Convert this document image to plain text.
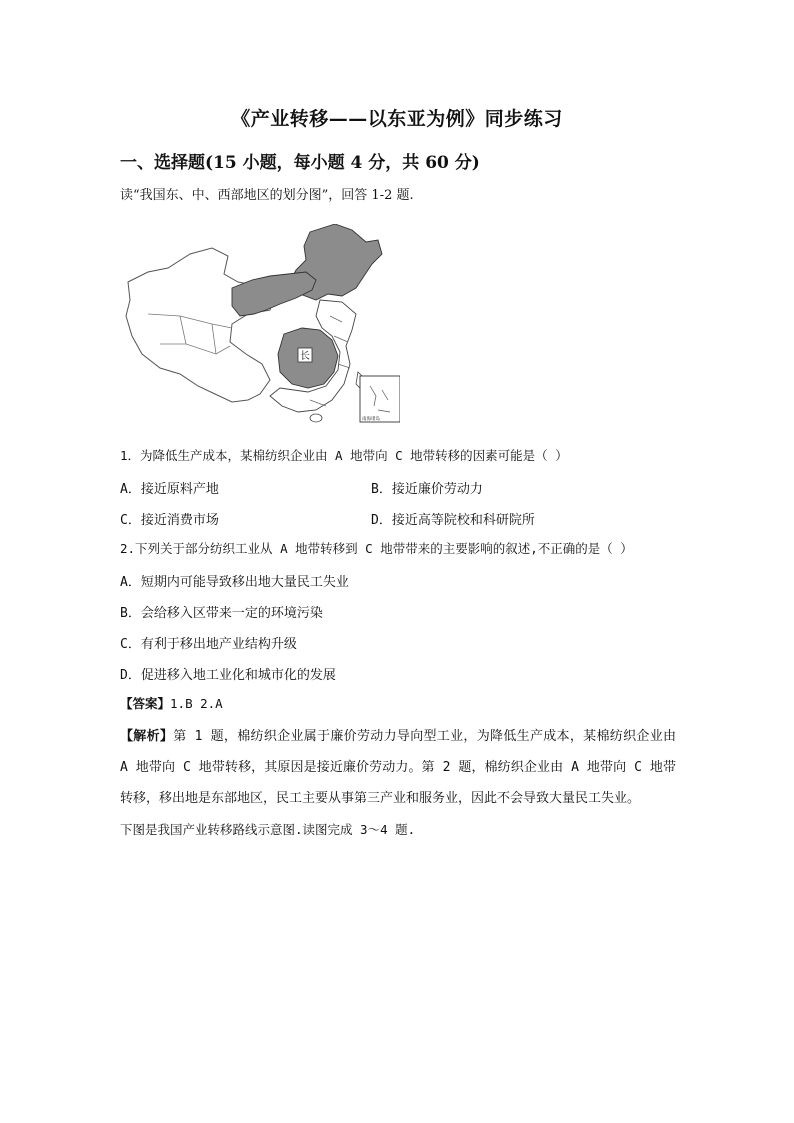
《产业转移——以东亚为例》同步练习
一、选择题(15 小题，每小题 4 分，共 60 分)
读“我国东、中、西部地区的划分图”，回答 1-2 题.
长
南海诸岛
1．为降低生产成本，某棉纺织企业由 A 地带向 C 地带转移的因素可能是（ ）
A．接近原料产地	B．接近廉价劳动力
C．接近消费市场	D．接近高等院校和科研院所
2.下列关于部分纺织工业从 A 地带转移到 C 地带带来的主要影响的叙述,不正确的是（ ）
A．短期内可能导致移出地大量民工失业
B．会给移入区带来一定的环境污染
C．有利于移出地产业结构升级
D．促进移入地工业化和城市化的发展
【答案】1.B 2.A
【解析】第 1 题，棉纺织企业属于廉价劳动力导向型工业，为降低生产成本，某棉纺织企业由 A 地带向 C 地带转移，其原因是接近廉价劳动力。第 2 题，棉纺织企业由 A 地带向 C 地带转移，移出地是东部地区，民工主要从事第三产业和服务业，因此不会导致大量民工失业。
下图是我国产业转移路线示意图.读图完成 3～4 题.
